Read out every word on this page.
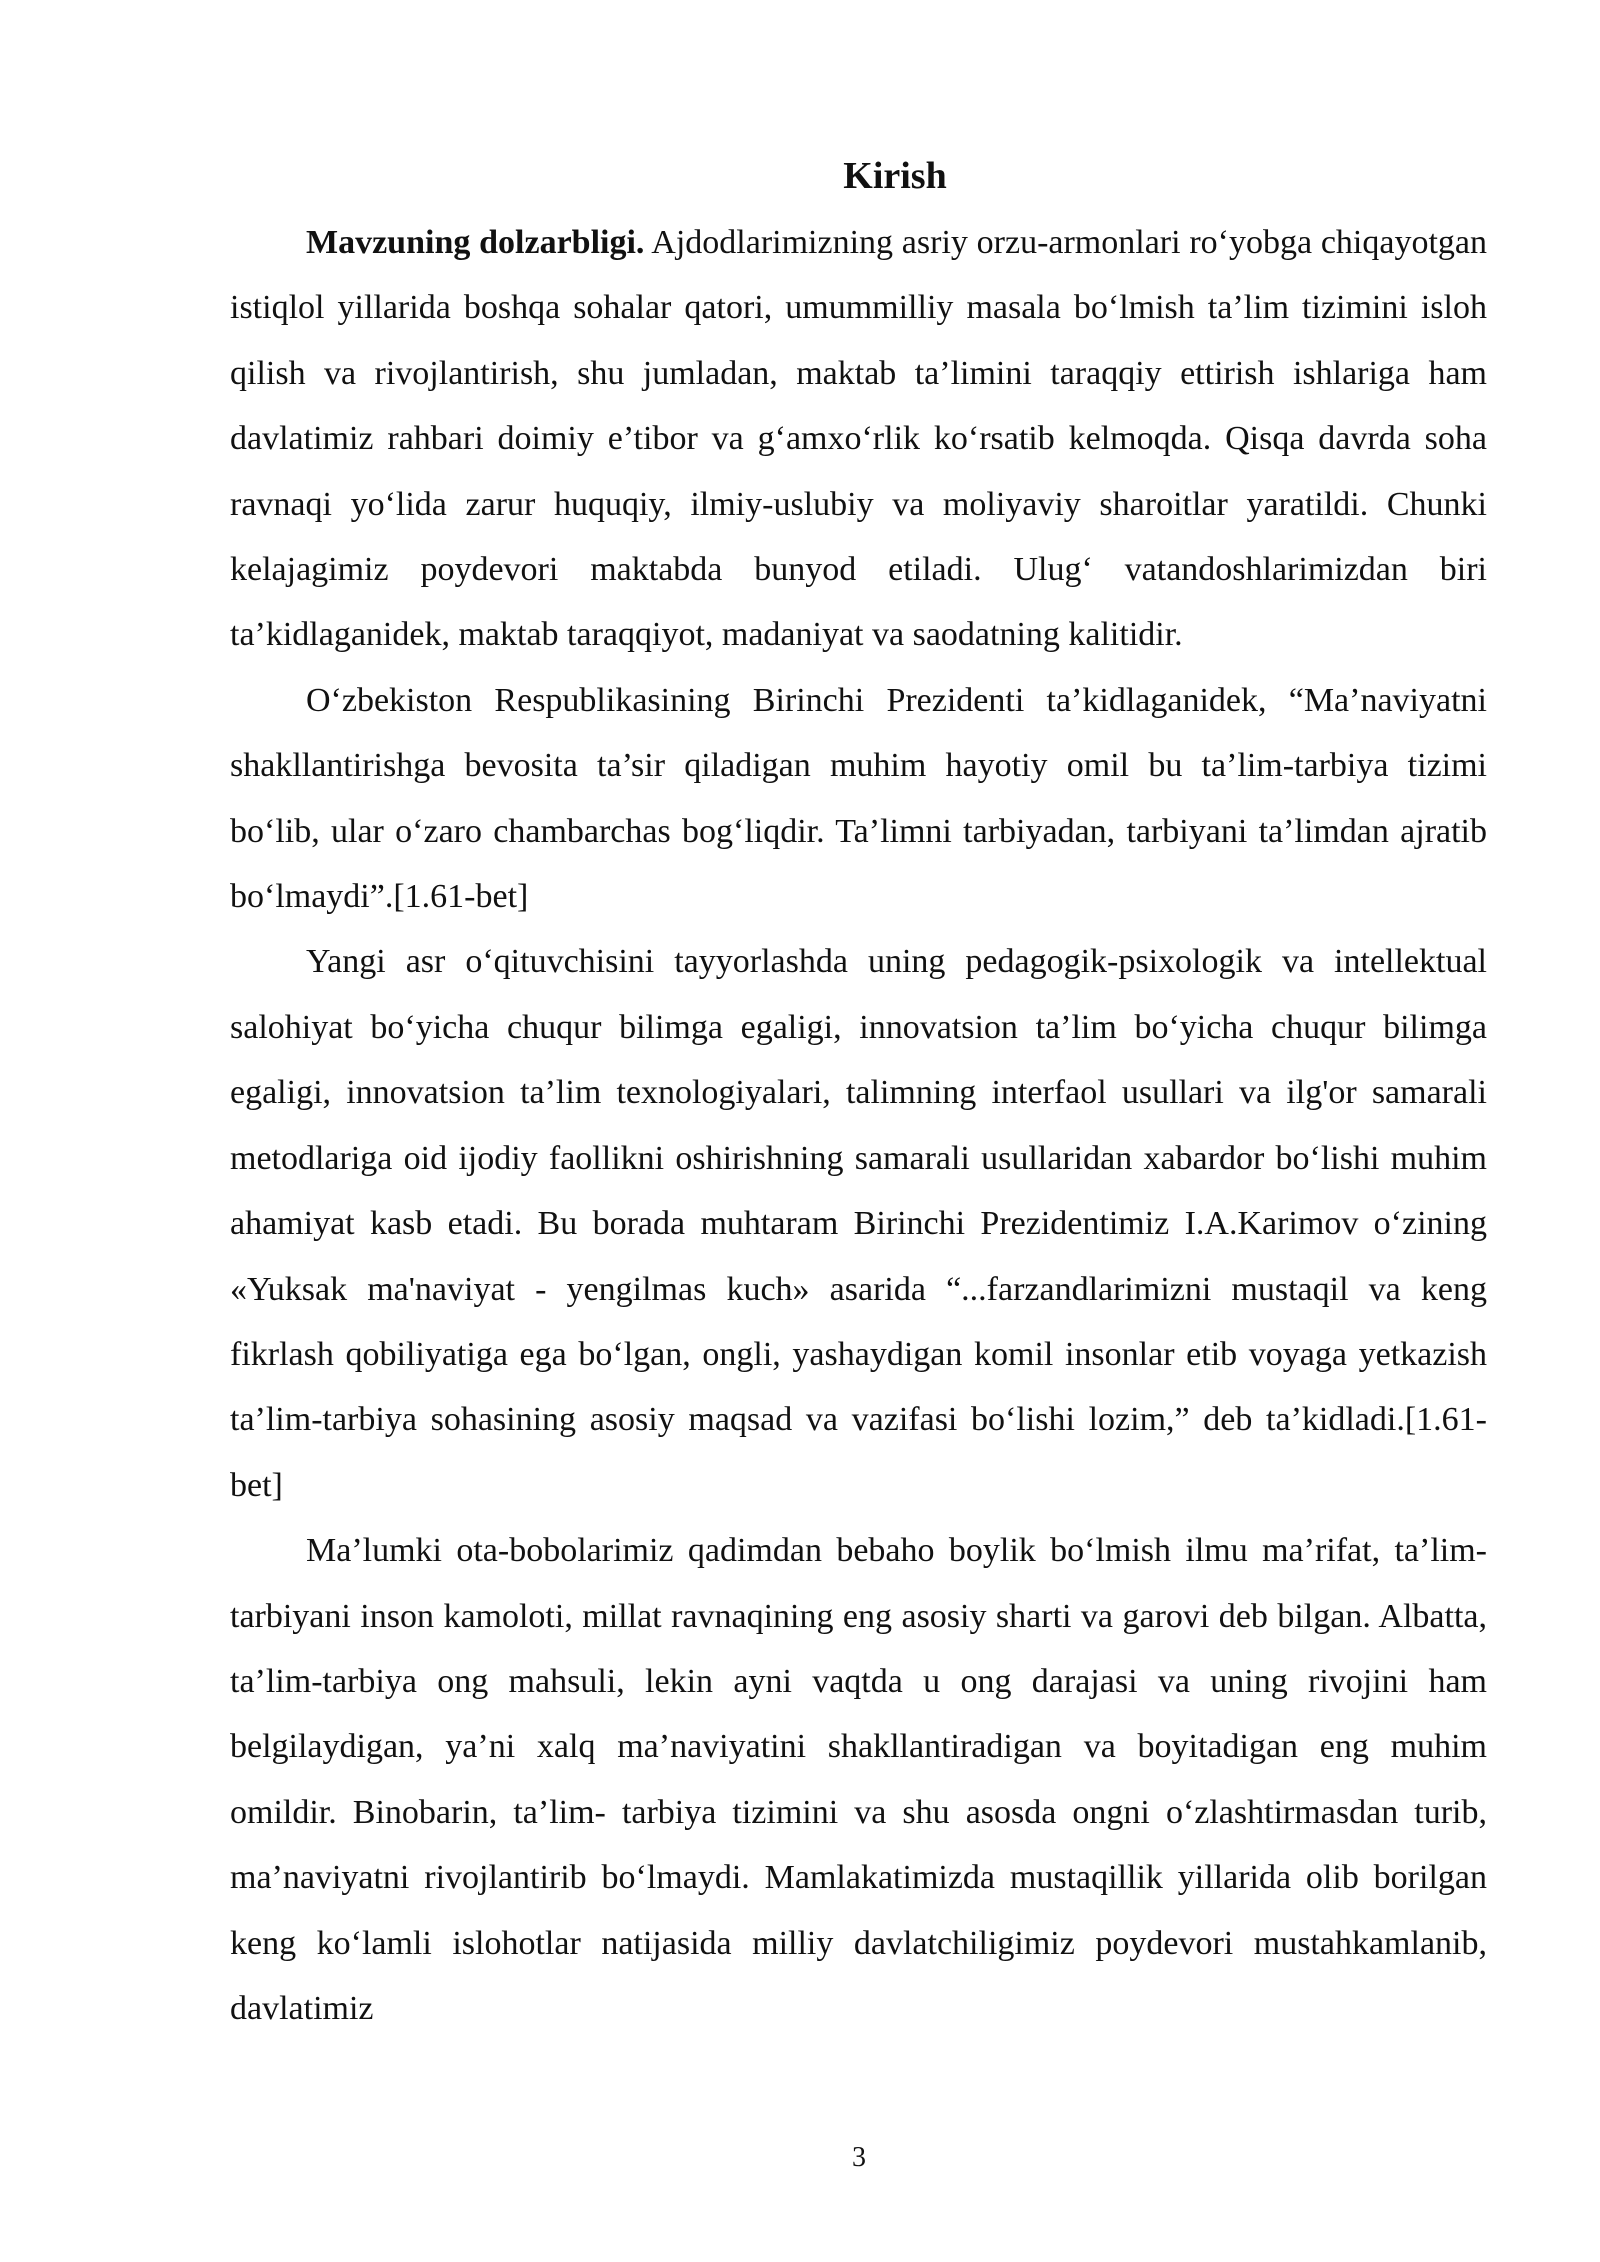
Kirish

Mavzuning dolzarbligi. Ajdodlarimizning asriy orzu-armonlari ro‘yobga chiqayotgan istiqlol yillarida boshqa sohalar qatori, umummilliy masala bo‘lmish ta’lim tizimini isloh qilish va rivojlantirish, shu jumladan, maktab ta’limini taraqqiy ettirish ishlariga ham davlatimiz rahbari doimiy e’tibor va g‘amxo‘rlik ko‘rsatib kelmoqda. Qisqa davrda soha ravnaqi yo‘lida zarur huquqiy, ilmiy-uslubiy va moliyaviy sharoitlar yaratildi. Chunki kelajagimiz poydevori maktabda bunyod etiladi. Ulug‘ vatandoshlarimizdan biri ta’kidlaganidek, maktab taraqqiyot, madaniyat va saodatning kalitidir.

O‘zbekiston Respublikasining Birinchi Prezidenti ta’kidlaganidek, “Ma’naviyatni shakllantirishga bevosita ta’sir qiladigan muhim hayotiy omil bu ta’lim-tarbiya tizimi bo‘lib, ular o‘zaro chambarchas bog‘liqdir. Ta’limni tarbiyadan, tarbiyani ta’limdan ajratib bo‘lmaydi”.[1.61-bet]

Yangi asr o‘qituvchisini tayyorlashda uning pedagogik-psixologik va intellektual salohiyat bo‘yicha chuqur bilimga egaligi, innovatsion ta’lim bo‘yicha chuqur bilimga egaligi, innovatsion ta’lim texnologiyalari, talimning interfaol usullari va ilg'or samarali metodlariga oid ijodiy faollikni oshirishning samarali usullaridan xabardor bo‘lishi muhim ahamiyat kasb etadi. Bu borada muhtaram Birinchi Prezidentimiz I.A.Karimov o‘zining «Yuksak ma'naviyat - yengilmas kuch» asarida “...farzandlarimizni mustaqil va keng fikrlash qobiliyatiga ega bo‘lgan, ongli, yashaydigan komil insonlar etib voyaga yetkazish ta’lim-tarbiya sohasining asosiy maqsad va vazifasi bo‘lishi lozim,” deb ta’kidladi.[1.61-bet]

Ma’lumki ota-bobolarimiz qadimdan bebaho boylik bo‘lmish ilmu ma’rifat, ta’lim-tarbiyani inson kamoloti, millat ravnaqining eng asosiy sharti va garovi deb bilgan. Albatta, ta’lim-tarbiya ong mahsuli, lekin ayni vaqtda u ong darajasi va uning rivojini ham belgilaydigan, ya’ni xalq ma’naviyatini shakllantiradigan va boyitadigan eng muhim omildir. Binobarin, ta’lim- tarbiya tizimini va shu asosda ongni o‘zlashtirmasdan turib, ma’naviyatni rivojlantirib bo‘lmaydi. Mamlakatimizda mustaqillik yillarida olib borilgan keng ko‘lamli islohotlar natijasida milliy davlatchiligimiz poydevori mustahkamlanib, davlatimiz

3
